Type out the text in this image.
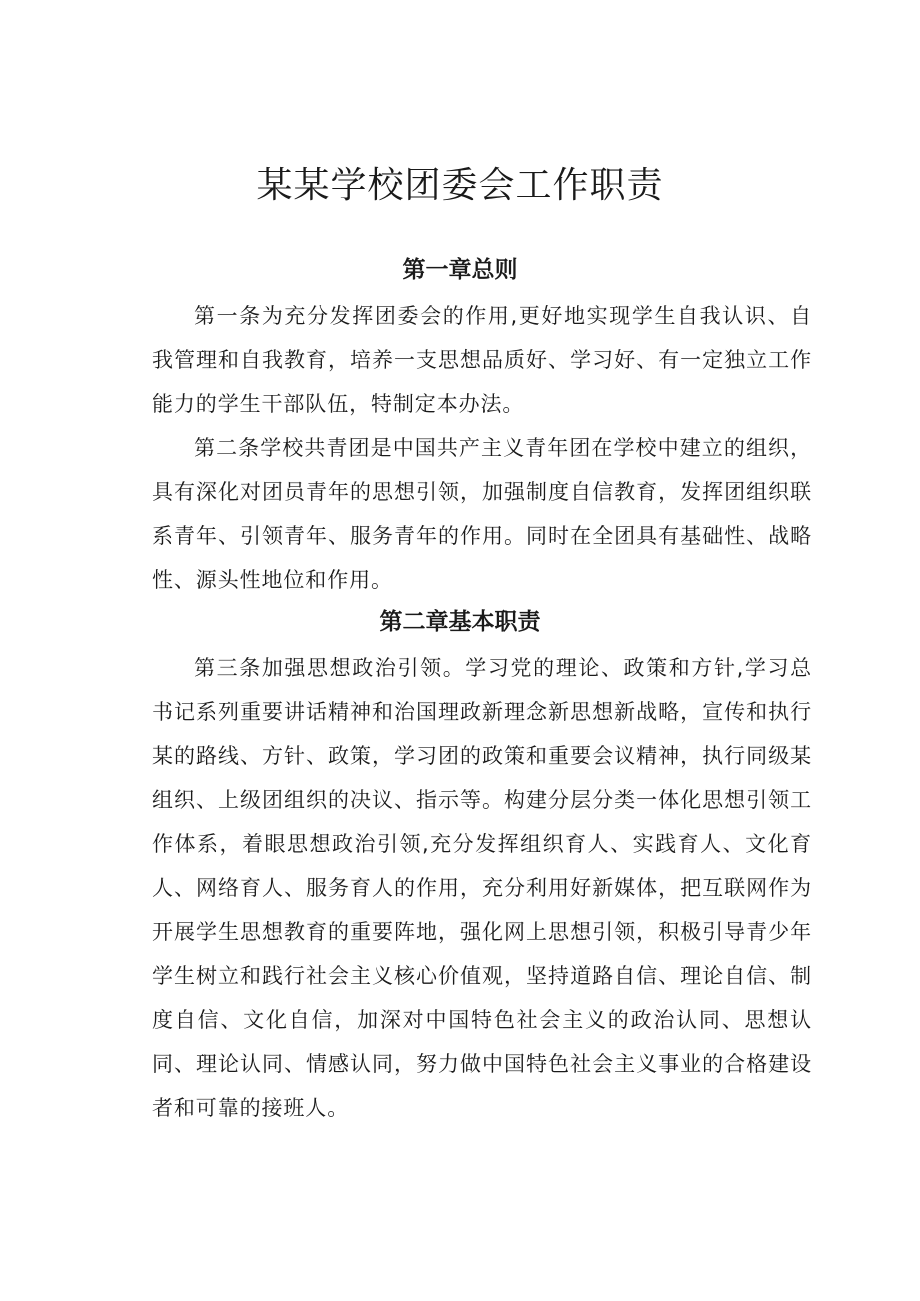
某某学校团委会工作职责
第一章总则

第一条为充分发挥团委会的作用,更好地实现学生自我认识、自我管理和自我教育，培养一支思想品质好、学习好、有一定独立工作能力的学生干部队伍，特制定本办法。

第二条学校共青团是中国共产主义青年团在学校中建立的组织，具有深化对团员青年的思想引领，加强制度自信教育，发挥团组织联系青年、引领青年、服务青年的作用。同时在全团具有基础性、战略性、源头性地位和作用。

第二章基本职责

第三条加强思想政治引领。学习党的理论、政策和方针,学习总书记系列重要讲话精神和治国理政新理念新思想新战略，宣传和执行某的路线、方针、政策，学习团的政策和重要会议精神，执行同级某组织、上级团组织的决议、指示等。构建分层分类一体化思想引领工作体系，着眼思想政治引领,充分发挥组织育人、实践育人、文化育人、网络育人、服务育人的作用，充分利用好新媒体，把互联网作为开展学生思想教育的重要阵地，强化网上思想引领，积极引导青少年学生树立和践行社会主义核心价值观，坚持道路自信、理论自信、制度自信、文化自信，加深对中国特色社会主义的政治认同、思想认同、理论认同、情感认同，努力做中国特色社会主义事业的合格建设者和可靠的接班人。
